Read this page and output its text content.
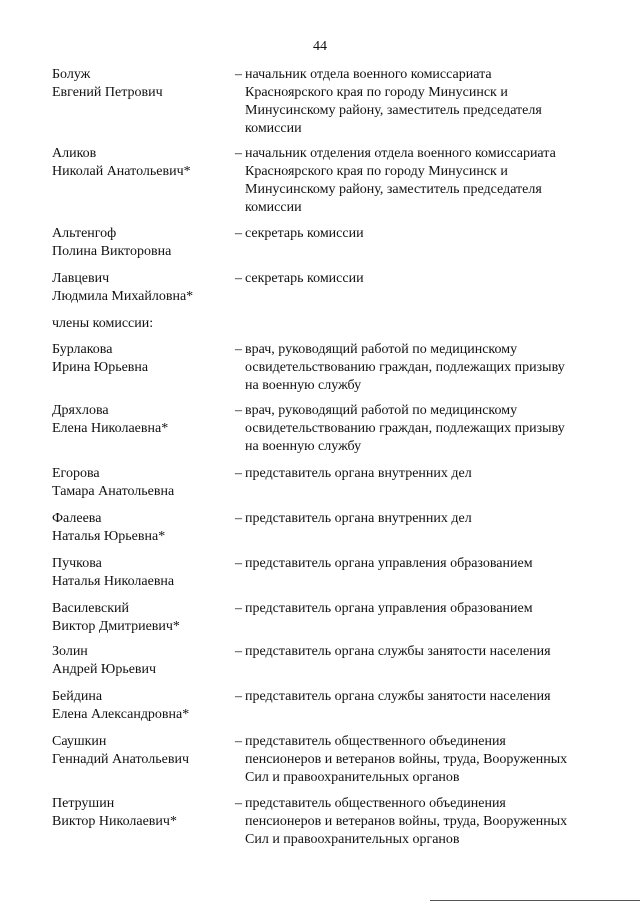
44
Болуж
Евгений Петрович
– начальник отдела военного комиссариата
Красноярского края по городу Минусинск и
Минусинскому району, заместитель председателя
комиссии
Аликов
Николай Анатольевич*
– начальник отделения отдела военного комиссариата
Красноярского края по городу Минусинск и
Минусинскому району, заместитель председателя
комиссии
Альтенгоф
Полина Викторовна
– секретарь комиссии
Лавцевич
Людмила Михайловна*
– секретарь комиссии
члены комиссии:
Бурлакова
Ирина Юрьевна
– врач, руководящий работой по медицинскому
освидетельствованию граждан, подлежащих призыву
на военную службу
Дряхлова
Елена Николаевна*
– врач, руководящий работой по медицинскому
освидетельствованию граждан, подлежащих призыву
на военную службу
Егорова
Тамара Анатольевна
– представитель органа внутренних дел
Фалеева
Наталья Юрьевна*
– представитель органа внутренних дел
Пучкова
Наталья Николаевна
– представитель органа управления образованием
Василевский
Виктор Дмитриевич*
– представитель органа управления образованием
Золин
Андрей Юрьевич
– представитель органа службы занятости населения
Бейдина
Елена Александровна*
– представитель органа службы занятости населения
Саушкин
Геннадий Анатольевич
– представитель общественного объединения
пенсионеров и ветеранов войны, труда, Вооруженных
Сил и правоохранительных органов
Петрушин
Виктор Николаевич*
– представитель общественного объединения
пенсионеров и ветеранов войны, труда, Вооруженных
Сил и правоохранительных органов
